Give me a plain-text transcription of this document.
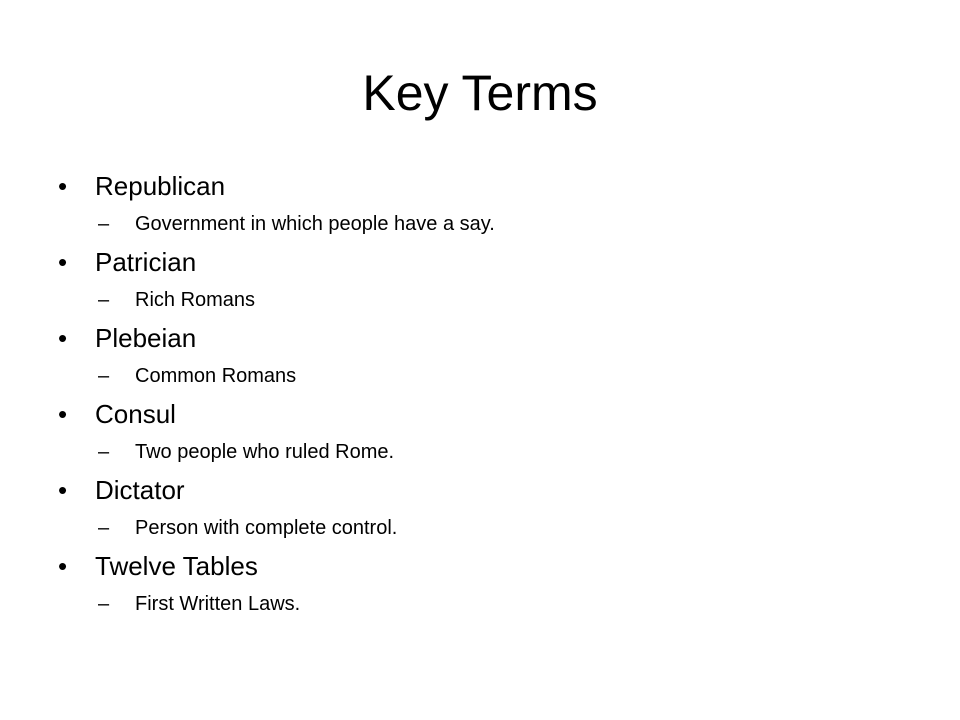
Key Terms
•	Republican
– Government in which people have a say.
•	Patrician
– Rich Romans
•	Plebeian
– Common Romans
•	Consul
– Two people who ruled Rome.
•	Dictator
– Person with complete control.
•	Twelve Tables
– First Written Laws.
